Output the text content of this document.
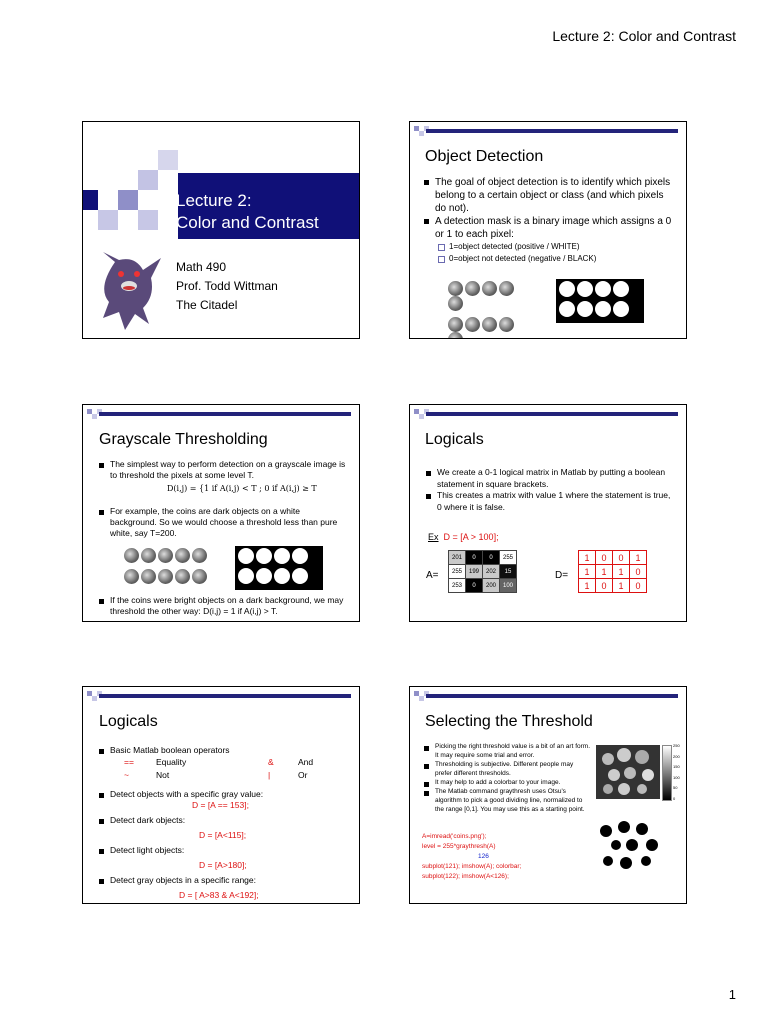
Lecture 2: Color and Contrast
Lecture 2:
Color and Contrast
Math 490
Prof. Todd Wittman
The Citadel
Object Detection
The goal of object detection is to identify which pixels belong to a certain object or class (and which pixels do not).
A detection mask is a binary image which assigns a 0 or 1 to each pixel:
1=object detected (positive / WHITE)
0=object not detected (negative / BLACK)
Grayscale Thresholding
The simplest way to perform detection on a grayscale image is to threshold the pixels at some level T.
D(i,j) = {1 if A(i,j) < T ; 0 if A(i,j) ≥ T
For example, the coins are dark objects on a white background. So we would choose a threshold less than pure white, say T=200.
If the coins were bright objects on a dark background, we may threshold the other way: D(i,j) = 1 if A(i,j) > T.
Logicals
We create a 0-1 logical matrix in Matlab by putting a boolean statement in square brackets.
This creates a matrix with value 1 where the statement is true, 0 where it is false.
Ex D = [A > 100];
A=
201	0	0	255
255	199	202	15
253	0	200	100
D=
1	0	0	1
1	1	1	0
1	0	1	0
Logicals
Basic Matlab boolean operators
==	Equality	&	And
~	Not	|	Or
Detect objects with a specific gray value:
D = [A == 153];
Detect dark objects:
D = [A<115];
Detect light objects:
D = [A>180];
Detect gray objects in a specific range:
D = [ A>83 & A<192];
Selecting the Threshold
Picking the right threshold value is a bit of an art form. It may require some trial and error.
Thresholding is subjective. Different people may prefer different thresholds.
It may help to add a colorbar to your image.
The Matlab command graythresh uses Otsu's algorithm to pick a good dividing line, normalized to the range [0,1]. You may use this as a starting point.
A=imread('coins.png');
level = 255*graythresh(A)
126
subplot(121); imshow(A); colorbar;
subplot(122); imshow(A<126);
250
200
150
100
50
0
1
